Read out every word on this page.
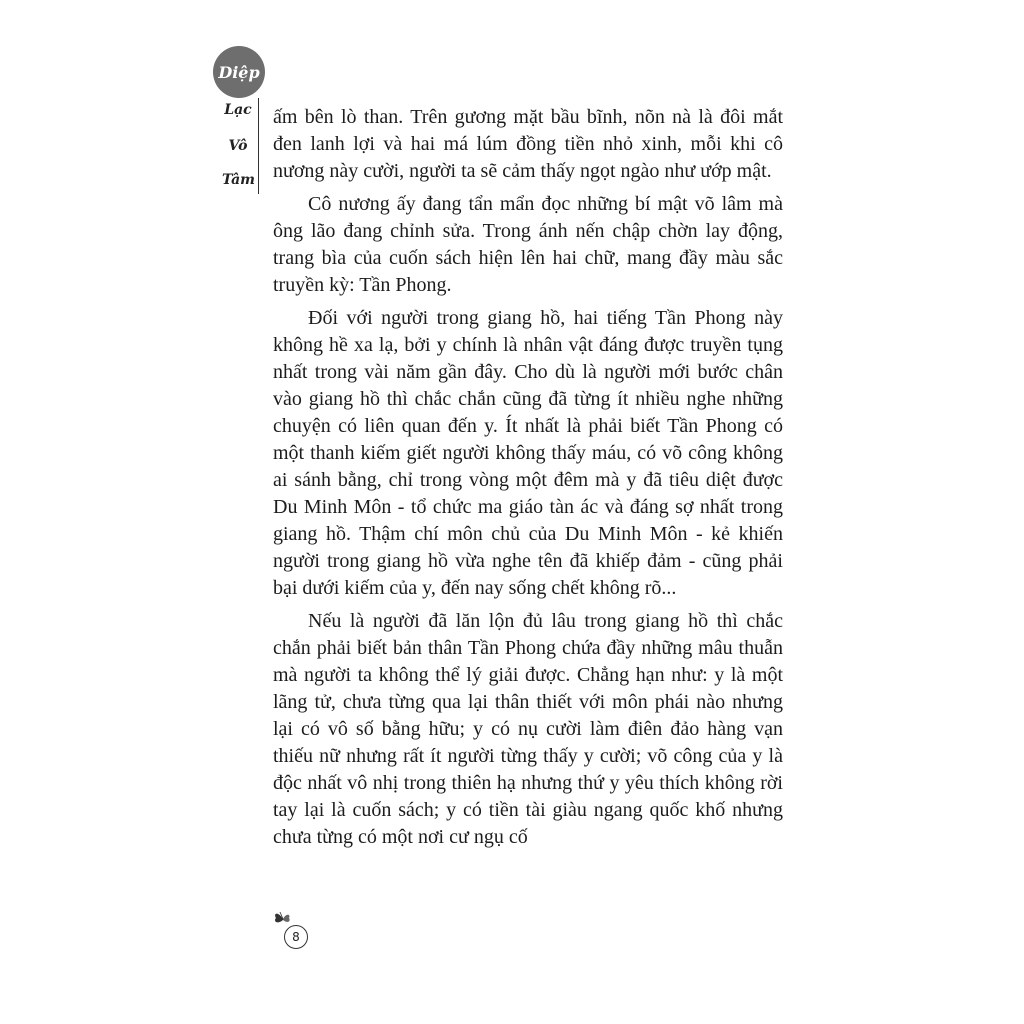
Diệp
Lạc
Vô
Tâm

ấm bên lò than. Trên gương mặt bầu bĩnh, nõn nà là đôi mắt đen lanh lợi và hai má lúm đồng tiền nhỏ xinh, mỗi khi cô nương này cười, người ta sẽ cảm thấy ngọt ngào như ướp mật.

Cô nương ấy đang tẩn mẩn đọc những bí mật võ lâm mà ông lão đang chỉnh sửa. Trong ánh nến chập chờn lay động, trang bìa của cuốn sách hiện lên hai chữ, mang đầy màu sắc truyền kỳ: Tần Phong.

Đối với người trong giang hồ, hai tiếng Tần Phong này không hề xa lạ, bởi y chính là nhân vật đáng được truyền tụng nhất trong vài năm gần đây. Cho dù là người mới bước chân vào giang hồ thì chắc chắn cũng đã từng ít nhiều nghe những chuyện có liên quan đến y. Ít nhất là phải biết Tần Phong có một thanh kiếm giết người không thấy máu, có võ công không ai sánh bằng, chỉ trong vòng một đêm mà y đã tiêu diệt được Du Minh Môn - tổ chức ma giáo tàn ác và đáng sợ nhất trong giang hồ. Thậm chí môn chủ của Du Minh Môn - kẻ khiến người trong giang hồ vừa nghe tên đã khiếp đảm - cũng phải bại dưới kiếm của y, đến nay sống chết không rõ...

Nếu là người đã lăn lộn đủ lâu trong giang hồ thì chắc chắn phải biết bản thân Tần Phong chứa đầy những mâu thuẫn mà người ta không thể lý giải được. Chẳng hạn như: y là một lãng tử, chưa từng qua lại thân thiết với môn phái nào nhưng lại có vô số bằng hữu; y có nụ cười làm điên đảo hàng vạn thiếu nữ nhưng rất ít người từng thấy y cười; võ công của y là độc nhất vô nhị trong thiên hạ nhưng thứ y yêu thích không rời tay lại là cuốn sách; y có tiền tài giàu ngang quốc khố nhưng chưa từng có một nơi cư ngụ cố

8
